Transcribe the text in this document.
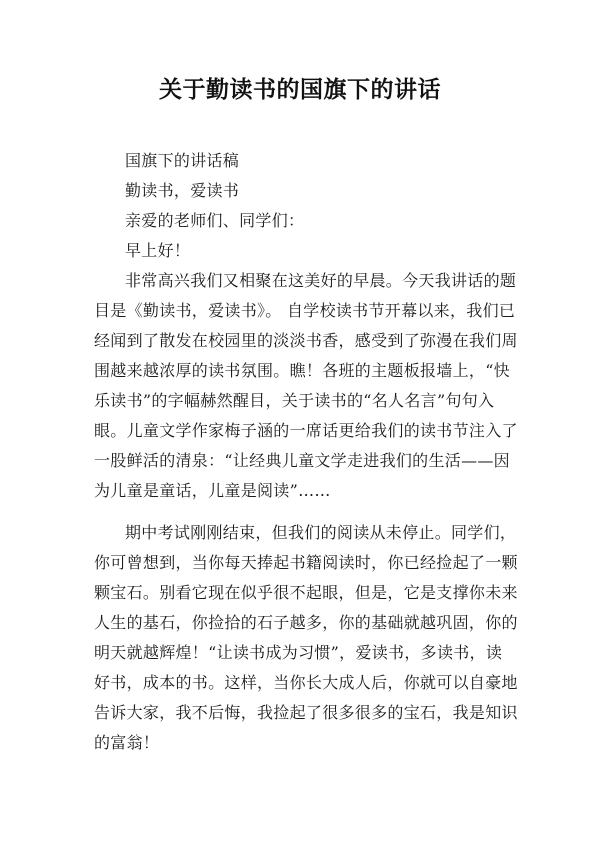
关于勤读书的国旗下的讲话
国旗下的讲话稿
勤读书，爱读书
亲爱的老师们、同学们：
早上好！
非常高兴我们又相聚在这美好的早晨。今天我讲话的题
目是《勤读书，爱读书》。 自学校读书节开幕以来，我们已
经闻到了散发在校园里的淡淡书香，感受到了弥漫在我们周
围越来越浓厚的读书氛围。瞧！各班的主题板报墙上，“快
乐读书”的字幅赫然醒目，关于读书的“名人名言”句句入
眼。儿童文学作家梅子涵的一席话更给我们的读书节注入了
一股鲜活的清泉：“让经典儿童文学走进我们的生活——因
为儿童是童话，儿童是阅读”……
期中考试刚刚结束，但我们的阅读从未停止。同学们，
你可曾想到，当你每天捧起书籍阅读时，你已经捡起了一颗
颗宝石。别看它现在似乎很不起眼，但是，它是支撑你未来
人生的基石，你捡拾的石子越多，你的基础就越巩固，你的
明天就越辉煌！“让读书成为习惯”，爱读书，多读书，读
好书，成本的书。这样，当你长大成人后，你就可以自豪地
告诉大家，我不后悔，我捡起了很多很多的宝石，我是知识
的富翁！
